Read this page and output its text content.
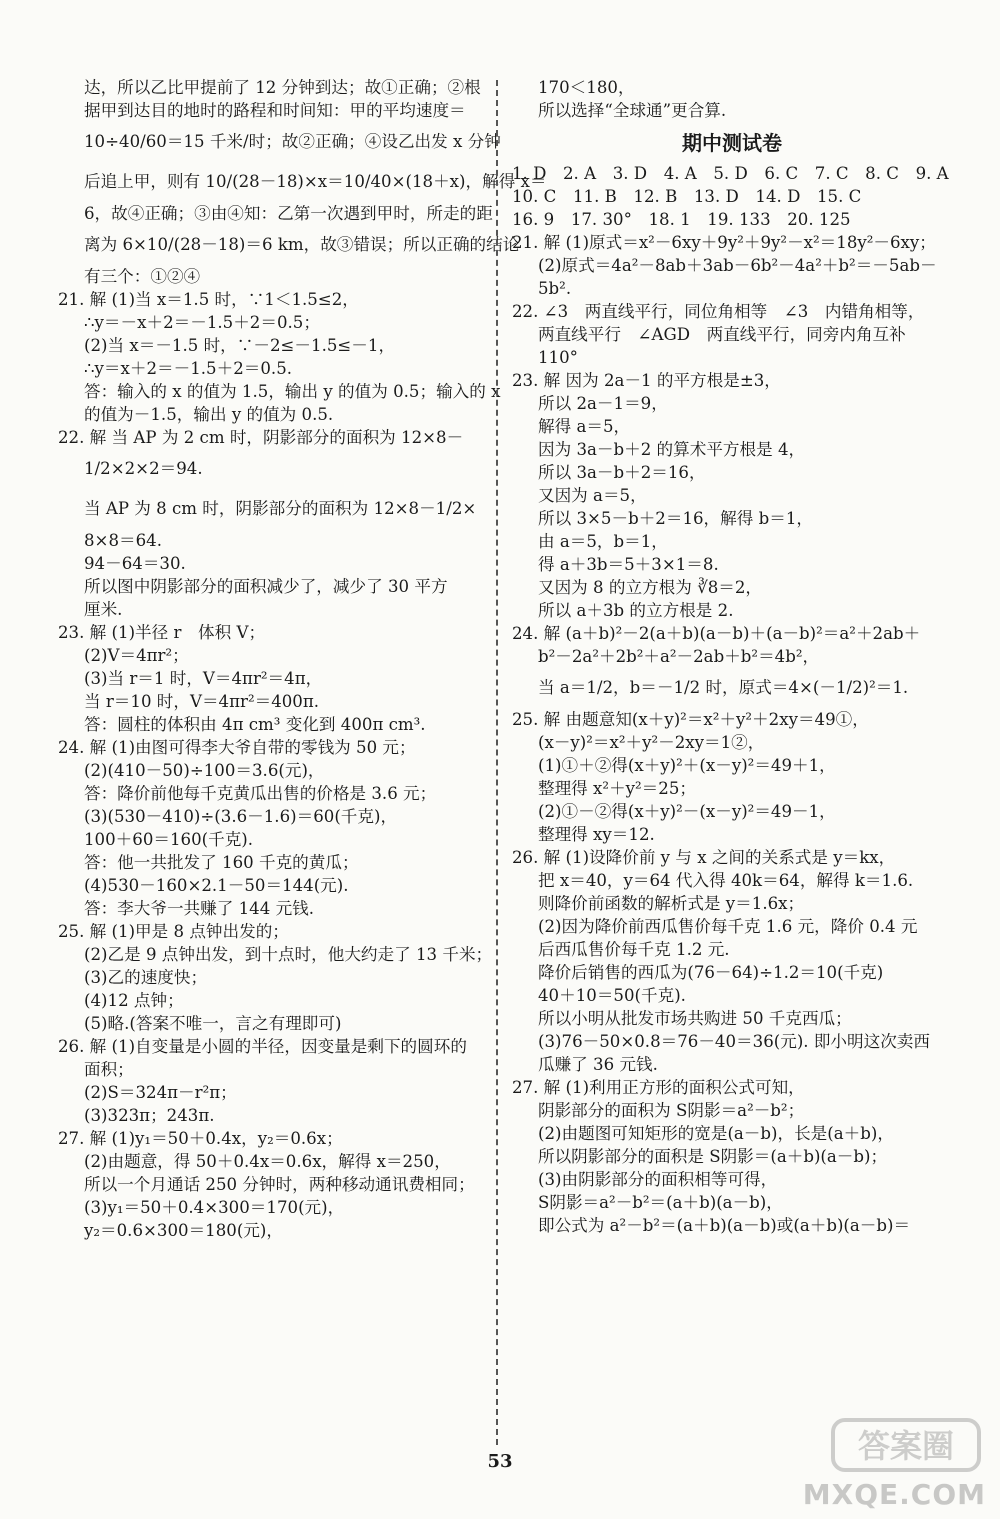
达，所以乙比甲提前了 12 分钟到达；故①正确；②根
据甲到达目的地时的路程和时间知：甲的平均速度＝
10÷40/60＝15 千米/时；故②正确；④设乙出发 x 分钟
后追上甲，则有 10/(28－18)×x＝10/40×(18＋x)，解得 x＝
6，故④正确；③由④知：乙第一次遇到甲时，所走的距
离为 6×10/(28－18)＝6 km，故③错误；所以正确的结论
有三个：①②④
21. 解 (1)当 x＝1.5 时，∵1＜1.5≤2，
∴y＝－x＋2＝－1.5＋2＝0.5；
(2)当 x＝－1.5 时，∵－2≤－1.5≤－1，
∴y＝x＋2＝－1.5＋2＝0.5.
答：输入的 x 的值为 1.5，输出 y 的值为 0.5；输入的 x
的值为－1.5，输出 y 的值为 0.5.
22. 解 当 AP 为 2 cm 时，阴影部分的面积为 12×8－
1/2×2×2＝94.
当 AP 为 8 cm 时，阴影部分的面积为 12×8－1/2×
8×8＝64.
94－64＝30.
所以图中阴影部分的面积减少了，减少了 30 平方
厘米.
23. 解 (1)半径 r　体积 V；
(2)V＝4πr²；
(3)当 r＝1 时，V＝4πr²＝4π，
当 r＝10 时，V＝4πr²＝400π.
答：圆柱的体积由 4π cm³ 变化到 400π cm³.
24. 解 (1)由图可得李大爷自带的零钱为 50 元；
(2)(410－50)÷100＝3.6(元)，
答：降价前他每千克黄瓜出售的价格是 3.6 元；
(3)(530－410)÷(3.6－1.6)＝60(千克)，
100＋60＝160(千克).
答：他一共批发了 160 千克的黄瓜；
(4)530－160×2.1－50＝144(元).
答：李大爷一共赚了 144 元钱.
25. 解 (1)甲是 8 点钟出发的；
(2)乙是 9 点钟出发，到十点时，他大约走了 13 千米；
(3)乙的速度快；
(4)12 点钟；
(5)略.(答案不唯一，言之有理即可)
26. 解 (1)自变量是小圆的半径，因变量是剩下的圆环的
面积；
(2)S＝324π－r²π；
(3)323π；243π.
27. 解 (1)y₁＝50＋0.4x，y₂＝0.6x；
(2)由题意，得 50＋0.4x＝0.6x，解得 x＝250，
所以一个月通话 250 分钟时，两种移动通讯费相同；
(3)y₁＝50＋0.4×300＝170(元)，
y₂＝0.6×300＝180(元)，
170＜180，
所以选择“全球通”更合算.
期中测试卷
1. D　2. A　3. D　4. A　5. D　6. C　7. C　8. C　9. A
10. C　11. B　12. B　13. D　14. D　15. C
16. 9　17. 30°　18. 1　19. 133　20. 125
21. 解 (1)原式＝x²－6xy＋9y²＋9y²－x²＝18y²－6xy；
(2)原式＝4a²－8ab＋3ab－6b²－4a²＋b²＝－5ab－
5b².
22. ∠3　两直线平行，同位角相等　∠3　内错角相等，
两直线平行　∠AGD　两直线平行，同旁内角互补
110°
23. 解 因为 2a－1 的平方根是±3，
所以 2a－1＝9，
解得 a＝5，
因为 3a－b＋2 的算术平方根是 4，
所以 3a－b＋2＝16，
又因为 a＝5，
所以 3×5－b＋2＝16，解得 b＝1，
由 a＝5，b＝1，
得 a＋3b＝5＋3×1＝8.
又因为 8 的立方根为 ∛8＝2，
所以 a＋3b 的立方根是 2.
24. 解 (a＋b)²－2(a＋b)(a－b)＋(a－b)²＝a²＋2ab＋
b²－2a²＋2b²＋a²－2ab＋b²＝4b²，
当 a＝1/2，b＝－1/2 时，原式＝4×(－1/2)²＝1.
25. 解 由题意知(x＋y)²＝x²＋y²＋2xy＝49①，
(x－y)²＝x²＋y²－2xy＝1②，
(1)①＋②得(x＋y)²＋(x－y)²＝49＋1，
整理得 x²＋y²＝25；
(2)①－②得(x＋y)²－(x－y)²＝49－1，
整理得 xy＝12.
26. 解 (1)设降价前 y 与 x 之间的关系式是 y＝kx，
把 x＝40，y＝64 代入得 40k＝64，解得 k＝1.6.
则降价前函数的解析式是 y＝1.6x；
(2)因为降价前西瓜售价每千克 1.6 元，降价 0.4 元
后西瓜售价每千克 1.2 元.
降价后销售的西瓜为(76－64)÷1.2＝10(千克)
40＋10＝50(千克).
所以小明从批发市场共购进 50 千克西瓜；
(3)76－50×0.8＝76－40＝36(元). 即小明这次卖西
瓜赚了 36 元钱.
27. 解 (1)利用正方形的面积公式可知，
阴影部分的面积为 S阴影＝a²－b²；
(2)由题图可知矩形的宽是(a－b)，长是(a＋b)，
所以阴影部分的面积是 S阴影＝(a＋b)(a－b)；
(3)由阴影部分的面积相等可得，
S阴影＝a²－b²＝(a＋b)(a－b)，
即公式为 a²－b²＝(a＋b)(a－b)或(a＋b)(a－b)＝
53	答案圈
MXQE.COM
